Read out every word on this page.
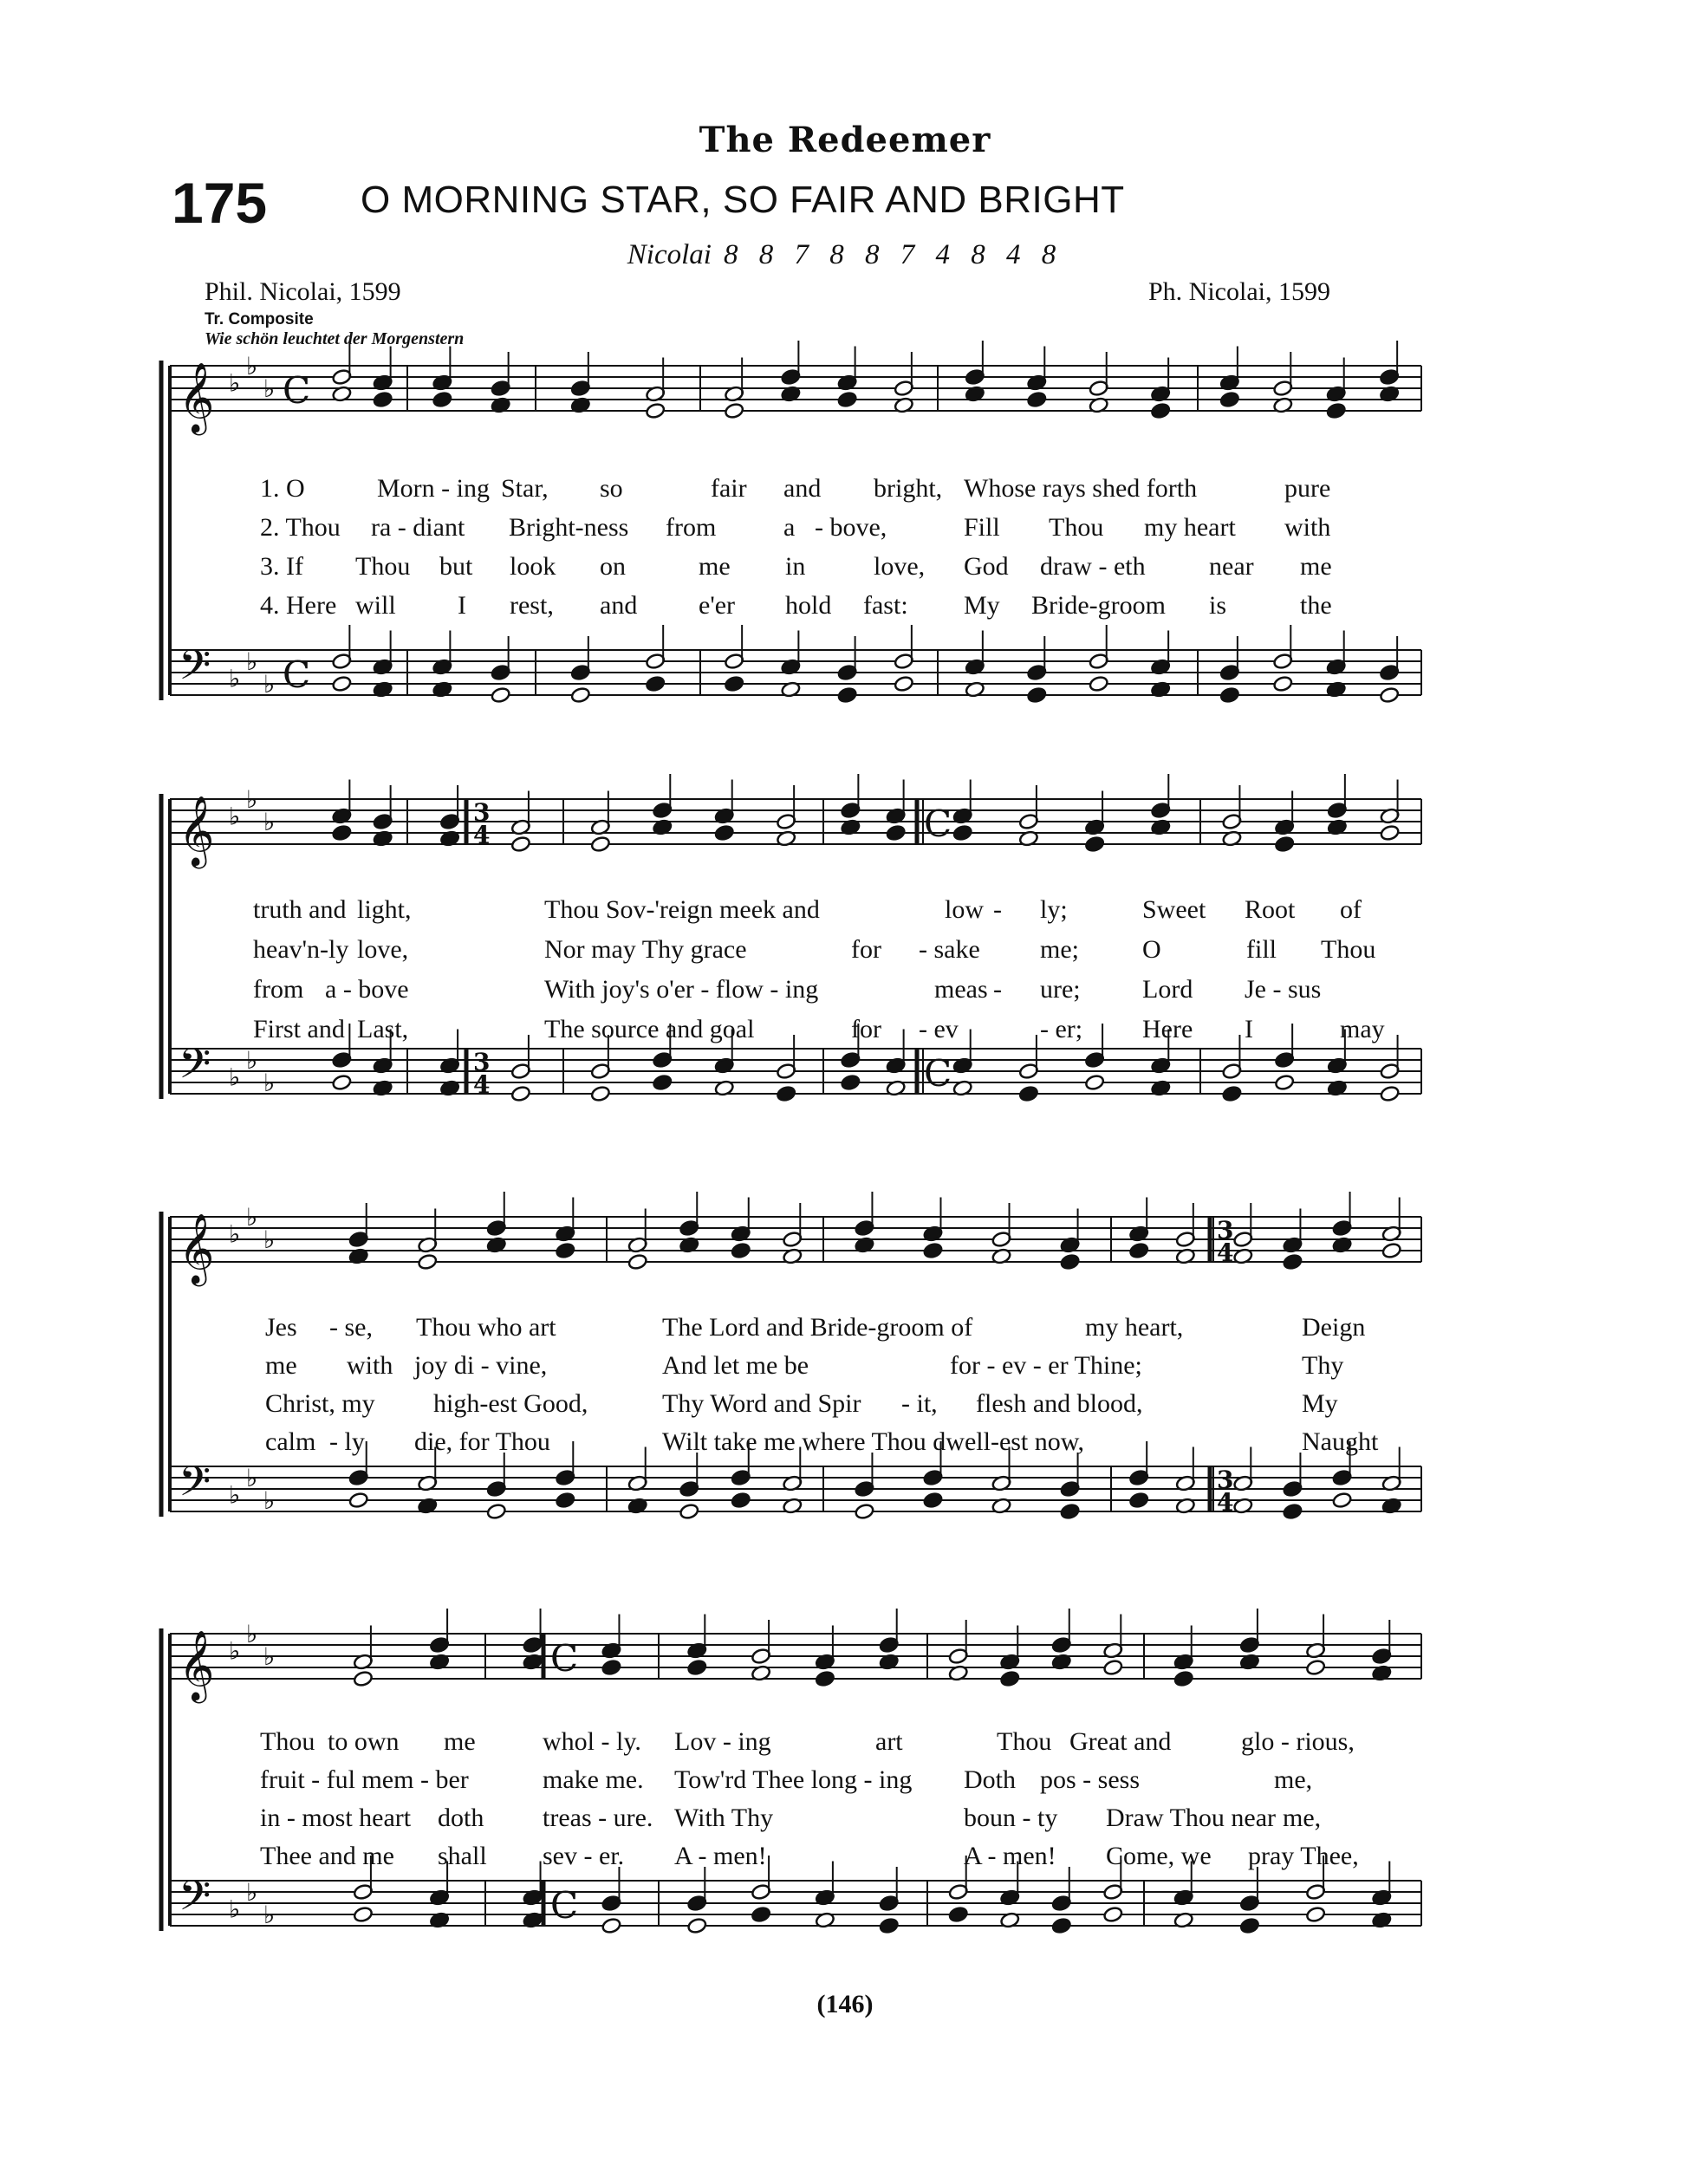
The Redeemer
175 O MORNING STAR, SO FAIR AND BRIGHT
Nicolai 8 8 7 8 8 7 4 8 4 8
Phil. Nicolai, 1599	Ph. Nicolai, 1599
Tr. Composite
Wie schön leuchtet der Morgenstern
𝄞
𝄢
♭
♭
♭
♭
♭
♭
C
C
𝄞
𝄢
♭
♭
♭
♭
♭
♭
3
4
3
4
C
C
𝄞
𝄢
♭
♭
♭
♭
♭
♭
3
4
3
4
𝄞
𝄢
♭
♭
♭
♭
♭
♭
C
C
1. O	Morn - ing Star, so	fair and bright, Whose rays shed forth	pure
2. Thou ra - diant Bright-ness from	a - bove,	Fill Thou my heart with
3. If Thou but look on	me in	love, God draw - eth near me
4. Here will I rest, and e'er hold fast: My Bride-groom is	the
truth and light,	Thou Sov-'reign meek and	low - ly;	Sweet Root of
heav'n-ly love,	Nor may Thy grace	for - sake me; O	fill Thou
from a - bove	With joy's o'er - flow - ing	meas - ure; Lord Je - sus
First and Last,	The source and goal	for - ev	- er; Here I	may
Jes - se, Thou who art	The Lord and Bride-groom of	my heart,	Deign
me with joy di - vine,	And let me be	for - ev - er Thine;	Thy
Christ, my high-est Good,	Thy Word and Spir - it, flesh and blood,	My
calm - ly die, for Thou	Wilt take me where Thou dwell-est now,	Naught
Thou to own me	whol - ly. Lov - ing	art	Thou Great and	glo - rious,
fruit - ful mem - ber	make me. Tow'rd Thee long - ing Doth pos - sess	me,
in - most heart doth treas - ure. With Thy	boun - ty Draw Thou near me,
Thee and me shall sev - er. A - men!	A - men! Come, we pray Thee,
(146)
